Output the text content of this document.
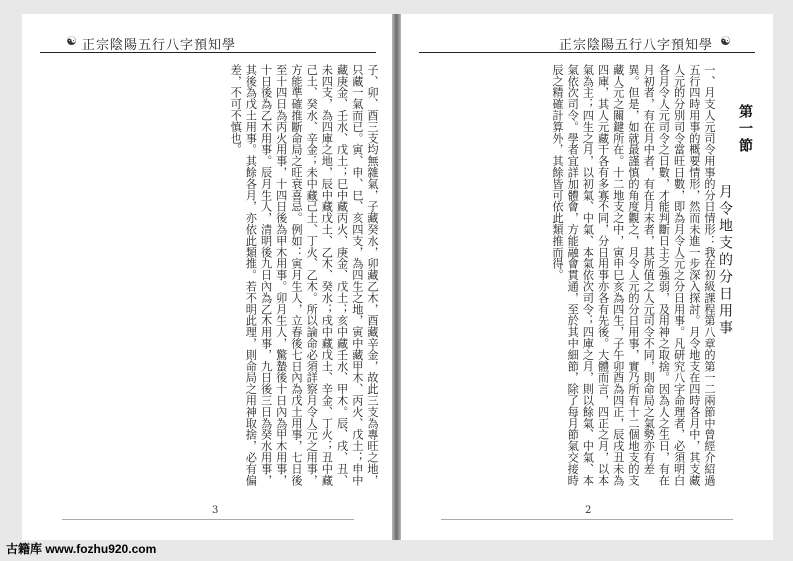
☯ 正宗陰陽五行八字預知學
子、卯、酉三支均無雜氣，子藏癸水，卯藏乙木，酉藏辛金，故此三支為專旺之地，只藏一氣而已。寅、申、巳、亥四支，為四生之地，寅中藏甲木、丙火、戊土；申中藏庚金、壬水、戊土；巳中藏丙火、庚金、戊土；亥中藏壬水、甲木。辰、戌、丑、未四支，為四庫之地，辰中藏戊土、乙木、癸水；戌中藏戊土、辛金、丁火；丑中藏己土、癸水、辛金；未中藏己土、丁火、乙木。所以論命必須詳察月令人元之用事，方能準確推斷命局之旺衰喜忌。例如：寅月生人，立春後七日內為戊土用事，七日後至十四日為丙火用事，十四日後為甲木用事。卯月生人，驚蟄後十日內為甲木用事，十日後為乙木用事。辰月生人，清明後九日內為乙木用事，九日後三日為癸水用事，其後為戊土用事。其餘各月，亦依此類推。若不明此理，則命局之用神取捨，必有偏差，不可不慎也。
3
正宗陰陽五行八字預知學 ☯
第一節
月令地支的分日用事
一、月支人元司令用事的分日情形：我在初級課程第八章的第一二兩節中曾經介紹過五行四時用事的概要情形，然而未進一步深入探討。月令地支在四時各月中，其支藏人元的分別司令當旺日數，即為月令人元之分日用事。凡研究八字命理者，必須明白各月令人元司令之日數，才能判斷日主之強弱，及用神之取捨。因為人之生日，有在月初者，有在月中者，有在月末者，其所值之人元司令不同，則命局之氣勢亦有差異。但是，如就最謹慎的角度觀之，月令人元的分日用事，實乃所有十二個地支的支藏人元之關鍵所在。十二地支之中，寅申巳亥為四生，子午卯酉為四正，辰戌丑未為四庫，其人元藏干各有多寡不同，分日用事亦各有先後。大體而言，四正之月，以本氣為主；四生之月，以初氣、中氣、本氣依次司令；四庫之月，則以餘氣、中氣、本氣依次司令。學者宜詳加體會，方能融會貫通，至於其中細節，除了每月節氣交接時辰之精確計算外，其餘皆可依此類推而得。
2
古籍库 www.fozhu920.com
